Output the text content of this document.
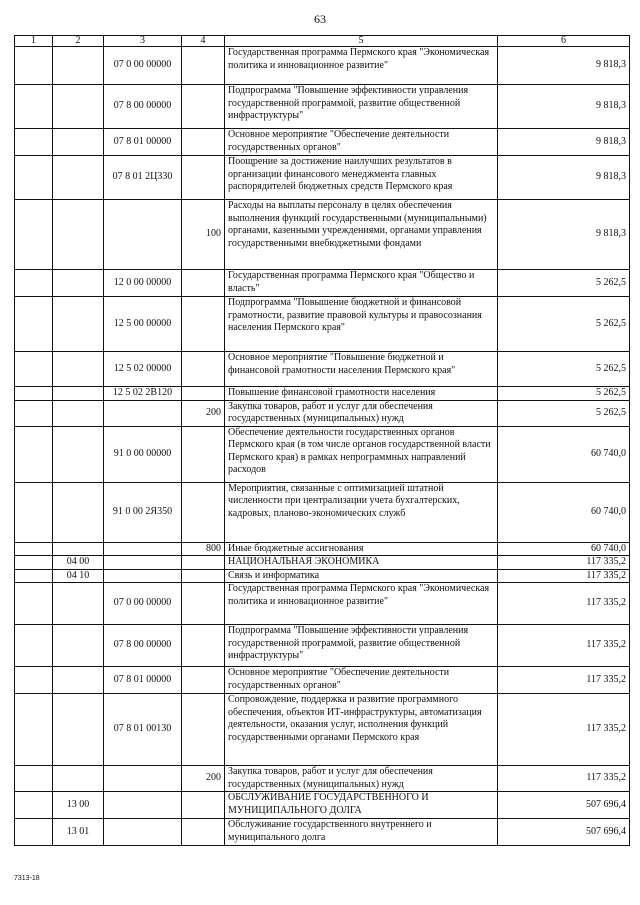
63
1	2	3	4	5	6
		07 0 00 00000		Государственная программа Пермского края "Экономическая политика и инновационное развитие"	9 818,3
		07 8 00 00000		Подпрограмма "Повышение эффективности управления государственной программой, развитие общественной инфраструктуры"	9 818,3
		07 8 01 00000		Основное мероприятие "Обеспечение деятельности государственных органов"	9 818,3
		07 8 01 2Ц330		Поощрение за достижение наилучших результатов в организации финансового менеджмента главных распорядителей бюджетных средств Пермского края	9 818,3
			100	Расходы на выплаты персоналу в целях обеспечения выполнения функций государственными (муниципальными) органами, казенными учреждениями, органами управления государственными внебюджетными фондами	9 818,3
		12 0 00 00000		Государственная программа Пермского края "Общество и власть"	5 262,5
		12 5 00 00000		Подпрограмма "Повышение бюджетной и финансовой грамотности, развитие правовой культуры и правосознания населения Пермского края"	5 262,5
		12 5 02 00000		Основное мероприятие "Повышение бюджетной и финансовой грамотности населения Пермского края"	5 262,5
		12 5 02 2В120		Повышение финансовой грамотности населения	5 262,5
			200	Закупка товаров, работ и услуг для обеспечения государственных (муниципальных) нужд	5 262,5
		91 0 00 00000		Обеспечение деятельности государственных органов Пермского края (в том числе органов государственной власти Пермского края) в рамках непрограммных направлений расходов	60 740,0
		91 0 00 2Я350		Мероприятия, связанные с оптимизацией штатной численности при централизации учета бухгалтерских, кадровых, планово-экономических служб	60 740,0
			800	Иные бюджетные ассигнования	60 740,0
	04 00			НАЦИОНАЛЬНАЯ ЭКОНОМИКА	117 335,2
	04 10			Связь и информатика	117 335,2
		07 0 00 00000		Государственная программа Пермского края "Экономическая политика и инновационное развитие"	117 335,2
		07 8 00 00000		Подпрограмма "Повышение эффективности управления государственной программой, развитие общественной инфраструктуры"	117 335,2
		07 8 01 00000		Основное мероприятие "Обеспечение деятельности государственных органов"	117 335,2
		07 8 01 00130		Сопровождение, поддержка и развитие программного обеспечения, объектов ИТ-инфраструктуры, автоматизация деятельности, оказания услуг, исполнения функций государственными органами Пермского края	117 335,2
			200	Закупка товаров, работ и услуг для обеспечения государственных (муниципальных) нужд	117 335,2
	13 00			ОБСЛУЖИВАНИЕ ГОСУДАРСТВЕННОГО И МУНИЦИПАЛЬНОГО ДОЛГА	507 696,4
	13 01			Обслуживание государственного внутреннего и муниципального долга	507 696,4
7313-18
